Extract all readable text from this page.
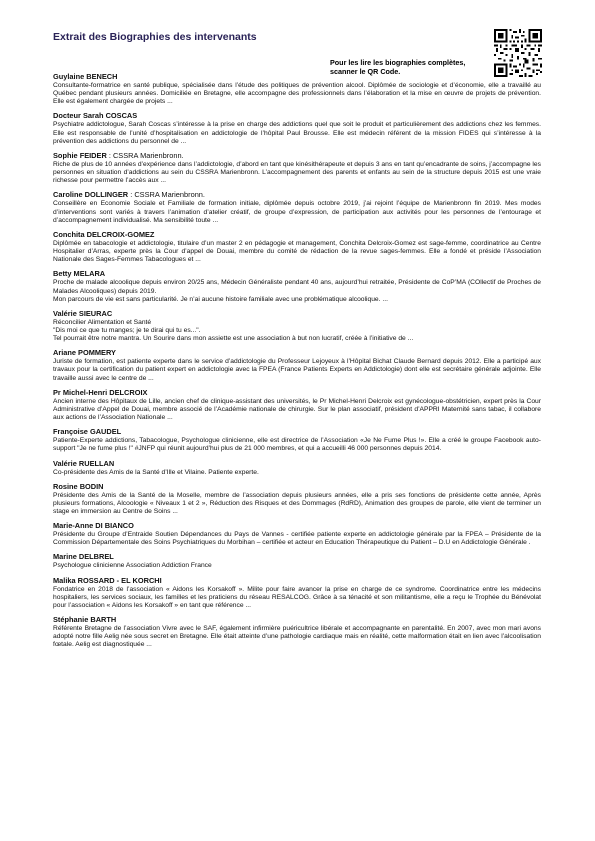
Extrait des Biographies des intervenants
Pour les lire les biographies complètes, scanner le QR Code.
Guylaine BENECH

Consultante-formatrice en santé publique, spécialisée dans l’étude des politiques de prévention alcool. Diplômée de sociologie et d’économie, elle a travaillé au Québec pendant plusieurs années. Domiciliée en Bretagne, elle accompagne des professionnels dans l’élaboration et la mise en œuvre de projets de prévention. Elle est également chargée de projets ...

Docteur Sarah COSCAS

Psychiatre addictologue, Sarah Coscas s’intéresse à la prise en charge des addictions quel que soit le produit et particulièrement des addictions chez les femmes. Elle est responsable de l’unité d’hospitalisation en addictologie de l’hôpital Paul Brousse. Elle est médecin référent de la mission FIDES qui s’intéresse à la prévention des addictions du personnel de ...

Sophie FEIDER : CSSRA Marienbronn.

Riche de plus de 10 années d’expérience dans l’addictologie, d’abord en tant que kinésithérapeute et depuis 3 ans en tant qu’encadrante de soins, j’accompagne les personnes en situation d’addictions au sein du CSSRA Marienbronn. L’accompagnement des parents et enfants au sein de la structure depuis 2015 est une vraie richesse pour permettre l’accès aux ...

Caroline DOLLINGER : CSSRA Marienbronn.

Conseillère en Economie Sociale et Familiale de formation initiale, diplômée depuis octobre 2019, j’ai rejoint l’équipe de Marienbronn fin 2019. Mes modes d’interventions sont variés à travers l’animation d’atelier créatif, de groupe d’expression, de participation aux activités pour les personnes de l’entourage et d’accompagnement individualisé. Ma sensibilité toute ...

Conchita DELCROIX-GOMEZ

Diplômée en tabacologie et addictologie, titulaire d’un master 2 en pédagogie et management, Conchita Delcroix-Gomez est sage-femme, coordinatrice au Centre Hospitalier d’Arras, experte près la Cour d’appel de Douai, membre du comité de rédaction de la revue sages-femmes. Elle a fondé et préside l’Association Nationale des Sages-Femmes Tabacologues et ...

Betty MELARA

Proche de malade alcoolique depuis environ 20/25 ans, Médecin Généraliste pendant 40 ans, aujourd’hui retraitée, Présidente de CoP’MA (COllectif de Proches de Malades Alcooliques) depuis 2019.
Mon parcours de vie est sans particularité. Je n’ai aucune histoire familiale avec une problématique alcoolique. ...

Valérie SIEURAC

Réconcilier Alimentation et Santé
"Dis moi ce que tu manges; je te dirai qui tu es...".
Tel pourrait être notre mantra. Un Sourire dans mon assiette est une association à but non lucratif, créée à l’initiative de ...

Ariane POMMERY

Juriste de formation, est patiente experte dans le service d’addictologie du Professeur Lejoyeux à l’Hôpital Bichat Claude Bernard depuis 2012. Elle a participé aux travaux pour la certification du patient expert en addictologie avec la FPEA (France Patients Experts en Addictologie) dont elle est secrétaire générale adjointe. Elle travaille aussi avec le centre de ...

Pr Michel-Henri DELCROIX

Ancien interne des Hôpitaux de Lille, ancien chef de clinique-assistant des universités, le Pr Michel-Henri Delcroix est gynécologue-obstétricien, expert près la Cour Administrative d’Appel de Douai, membre associé de l’Académie nationale de chirurgie. Sur le plan associatif, président d’APPRI Maternité sans tabac, il collabore aux actions de l’Association Nationale ...

Françoise GAUDEL

Patiente-Experte addictions, Tabacologue, Psychologue clinicienne, elle est directrice de l’Association «Je Ne Fume Plus !». Elle a créé le groupe Facebook auto- support "Je ne fume plus !" #JNFP qui réunit aujourd’hui plus de 21 000 membres, et qui a accueilli 46 000 personnes depuis 2014.

Valérie RUELLAN

Co-présidente des Amis de la Santé d’Ille et Vilaine. Patiente experte.

Rosine BODIN

Présidente des Amis de la Santé de la Moselle, membre de l’association depuis plusieurs années, elle a pris ses fonctions de présidente cette année, Après plusieurs formations, Alcoologie « Niveaux 1 et 2 », Réduction des Risques et des Dommages (RdRD), Animation des groupes de parole, elle vient de terminer un stage en immersion au Centre de Soins ...

Marie-Anne DI BIANCO

Présidente du Groupe d’Entraide Soutien Dépendances du Pays de Vannes - certifiée patiente experte en addictologie générale par la FPEA – Présidente de la Commission Départementale des Soins Psychiatriques du Morbihan – certifiée et acteur en Education Thérapeutique du Patient – D.U en Addictologie Générale .

Marine DELBREL

Psychologue clinicienne Association Addiction France

Malika ROSSARD - EL KORCHI

Fondatrice en 2018 de l’association « Aidons les Korsakoff ». Milite pour faire avancer la prise en charge de ce syndrome. Coordinatrice entre les médecins hospitaliers, les services sociaux, les familles et les praticiens du réseau RESALCOG. Grâce à sa ténacité et son militantisme, elle a reçu le Trophée du Bénévolat pour l’association « Aidons les Korsakoff » en tant que référence ...

Stéphanie BARTH

Référente Bretagne de l’association Vivre avec le SAF, également infirmière puéricultrice libérale et accompagnante en parentalité. En 2007, avec mon mari avons adopté notre fille Aelig née sous secret en Bretagne. Elle était atteinte d’une pathologie cardiaque mais en réalité, cette malformation était en lien avec l’alcoolisation fœtale. Aelig est diagnostiquée ...
